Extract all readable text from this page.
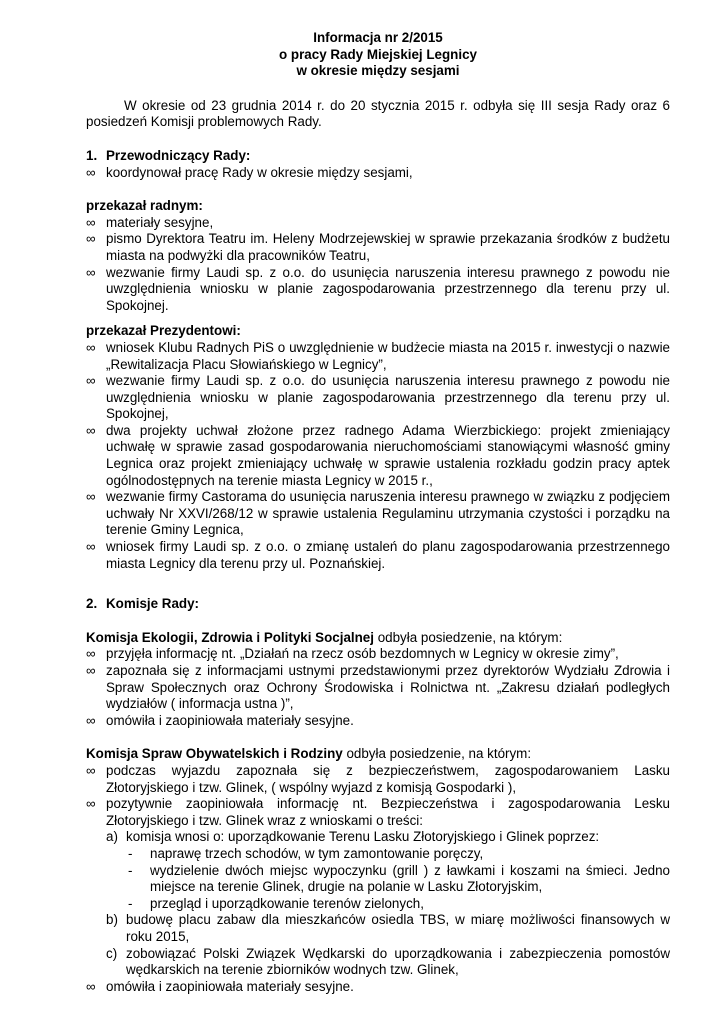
Informacja nr 2/2015
o pracy Rady Miejskiej Legnicy
w okresie między sesjami
W okresie od 23 grudnia 2014 r. do 20 stycznia 2015 r. odbyła się III sesja Rady oraz 6 posiedzeń Komisji problemowych Rady.
1. Przewodniczący Rady:
∞ koordynował pracę Rady w okresie między sesjami,
przekazał radnym:
∞ materiały sesyjne,
∞ pismo Dyrektora Teatru im. Heleny Modrzejewskiej w sprawie przekazania środków z budżetu miasta na podwyżki dla pracowników Teatru,
∞ wezwanie firmy Laudi sp. z o.o. do usunięcia naruszenia interesu prawnego z powodu nie uwzględnienia wniosku w planie zagospodarowania przestrzennego dla terenu przy ul. Spokojnej.
przekazał Prezydentowi:
∞ wniosek Klubu Radnych PiS o uwzględnienie w budżecie miasta na 2015 r. inwestycji o nazwie „Rewitalizacja Placu Słowiańskiego w Legnicy”,
∞ wezwanie firmy Laudi sp. z o.o. do usunięcia naruszenia interesu prawnego z powodu nie uwzględnienia wniosku w planie zagospodarowania przestrzennego dla terenu przy ul. Spokojnej,
∞ dwa projekty uchwał złożone przez radnego Adama Wierzbickiego: projekt zmieniający uchwałę w sprawie zasad gospodarowania nieruchomościami stanowiącymi własność gminy Legnica oraz projekt zmieniający uchwałę w sprawie ustalenia rozkładu godzin pracy aptek ogólnodostępnych na terenie miasta Legnicy w 2015 r.,
∞ wezwanie firmy Castorama do usunięcia naruszenia interesu prawnego w związku z podjęciem uchwały Nr XXVI/268/12 w sprawie ustalenia Regulaminu utrzymania czystości i porządku na terenie Gminy Legnica,
∞ wniosek firmy Laudi sp. z o.o. o zmianę ustaleń do planu zagospodarowania przestrzennego miasta Legnicy dla terenu przy ul. Poznańskiej.
2. Komisje Rady:
Komisja Ekologii, Zdrowia i Polityki Socjalnej odbyła posiedzenie, na którym:
∞ przyjęła informację nt. „Działań na rzecz osób bezdomnych w Legnicy w okresie zimy”,
∞ zapoznała się z informacjami ustnymi przedstawionymi przez dyrektorów Wydziału Zdrowia i Spraw Społecznych oraz Ochrony Środowiska i Rolnictwa nt. „Zakresu działań podległych wydziałów ( informacja ustna )”,
∞ omówiła i zaopiniowała materiały sesyjne.
Komisja Spraw Obywatelskich i Rodziny odbyła posiedzenie, na którym:
∞ podczas wyjazdu zapoznała się z bezpieczeństwem, zagospodarowaniem Lasku Złotoryjskiego i tzw. Glinek, ( wspólny wyjazd z komisją Gospodarki ),
∞ pozytywnie zaopiniowała informację nt. Bezpieczeństwa i zagospodarowania Lesku Złotoryjskiego i tzw. Glinek wraz z wnioskami o treści:
a) komisja wnosi o: uporządkowanie Terenu Lasku Złotoryjskiego i Glinek poprzez:
- naprawę trzech schodów, w tym zamontowanie poręczy,
- wydzielenie dwóch miejsc wypoczynku (grill ) z ławkami i koszami na śmieci. Jedno miejsce na terenie Glinek, drugie na polanie w Lasku Złotoryjskim,
- przegląd i uporządkowanie terenów zielonych,
b) budowę placu zabaw dla mieszkańców osiedla TBS, w miarę możliwości finansowych w roku 2015,
c) zobowiązać Polski Związek Wędkarski do uporządkowania i zabezpieczenia pomostów wędkarskich na terenie zbiorników wodnych tzw. Glinek,
∞ omówiła i zaopiniowała materiały sesyjne.
